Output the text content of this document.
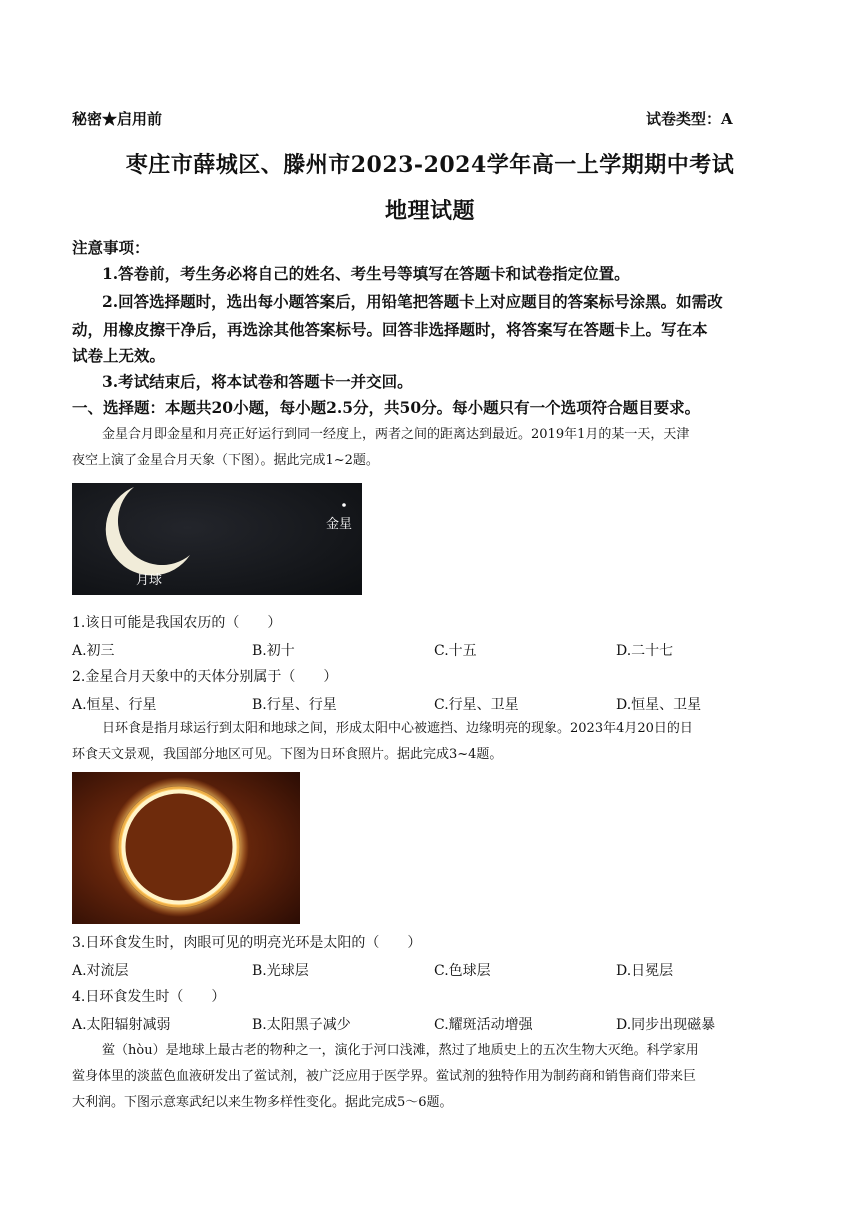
秘密★启用前	试卷类型：A
枣庄市薛城区、滕州市2023-2024学年高一上学期期中考试
地理试题
注意事项：
1.答卷前，考生务必将自己的姓名、考生号等填写在答题卡和试卷指定位置。
2.回答选择题时，选出每小题答案后，用铅笔把答题卡上对应题目的答案标号涂黑。如需改
动，用橡皮擦干净后，再选涂其他答案标号。回答非选择题时，将答案写在答题卡上。写在本
试卷上无效。
3.考试结束后，将本试卷和答题卡一并交回。
一、选择题：本题共20小题，每小题2.5分，共50分。每小题只有一个选项符合题目要求。
金星合月即金星和月亮正好运行到同一经度上，两者之间的距离达到最近。2019年1月的某一天，天津
夜空上演了金星合月天象（下图）。据此完成1~2题。
金星
月球
1.该日可能是我国农历的（　　）
A.初三	B.初十	C.十五	D.二十七
2.金星合月天象中的天体分别属于（　　）
A.恒星、行星	B.行星、行星	C.行星、卫星	D.恒星、卫星
日环食是指月球运行到太阳和地球之间，形成太阳中心被遮挡、边缘明亮的现象。2023年4月20日的日
环食天文景观，我国部分地区可见。下图为日环食照片。据此完成3~4题。
3.日环食发生时，肉眼可见的明亮光环是太阳的（　　）
A.对流层	B.光球层	C.色球层	D.日冕层
4.日环食发生时（　　）
A.太阳辐射减弱	B.太阳黑子减少	C.耀斑活动增强	D.同步出现磁暴
鲎（hòu）是地球上最古老的物种之一，演化于河口浅滩，熬过了地质史上的五次生物大灭绝。科学家用
鲎身体里的淡蓝色血液研发出了鲎试剂，被广泛应用于医学界。鲎试剂的独特作用为制药商和销售商们带来巨
大利润。下图示意寒武纪以来生物多样性变化。据此完成5～6题。
